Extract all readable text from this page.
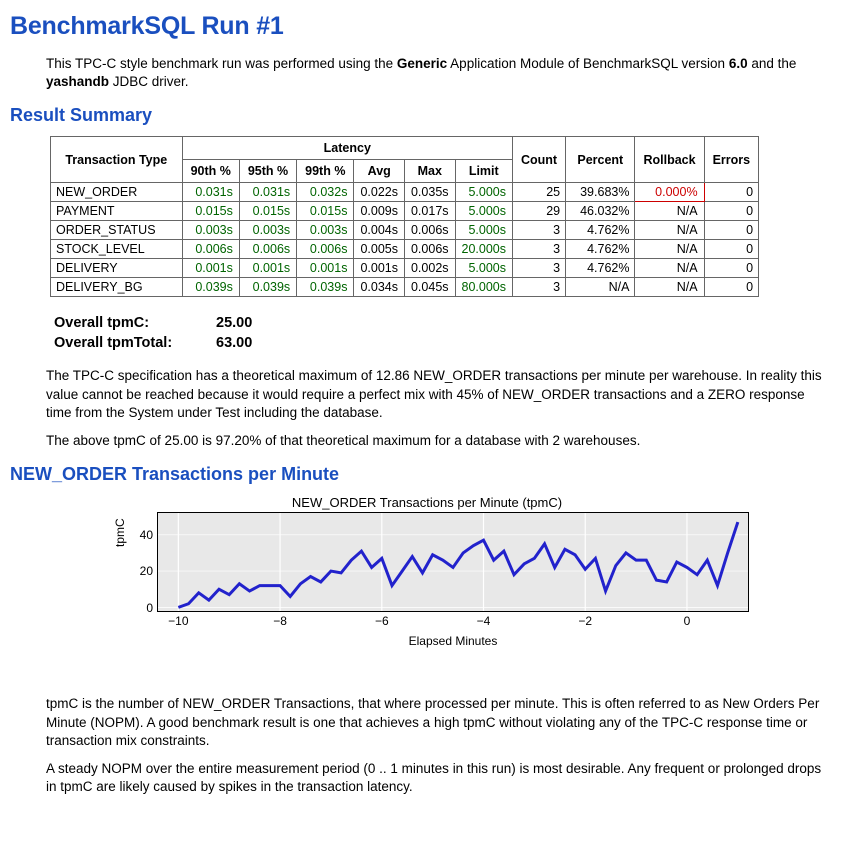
BenchmarkSQL Run #1

This TPC-C style benchmark run was performed using the Generic Application Module of BenchmarkSQL version 6.0 and the yashandb JDBC driver.

Result Summary
Transaction Type	Latency						Count	Percent	Rollback	Errors
	90th %	95th %	99th %	Avg	Max	Limit				
NEW_ORDER	0.031s	0.031s	0.032s	0.022s	0.035s	5.000s	25	39.683%	0.000%	0
PAYMENT	0.015s	0.015s	0.015s	0.009s	0.017s	5.000s	29	46.032%	N/A	0
ORDER_STATUS	0.003s	0.003s	0.003s	0.004s	0.006s	5.000s	3	4.762%	N/A	0
STOCK_LEVEL	0.006s	0.006s	0.006s	0.005s	0.006s	20.000s	3	4.762%	N/A	0
DELIVERY	0.001s	0.001s	0.001s	0.001s	0.002s	5.000s	3	4.762%	N/A	0
DELIVERY_BG	0.039s	0.039s	0.039s	0.034s	0.045s	80.000s	3	N/A	N/A	0
Overall tpmC:	25.00
Overall tpmTotal:	63.00

The TPC-C specification has a theoretical maximum of 12.86 NEW_ORDER transactions per minute per warehouse. In reality this value cannot be reached because it would require a perfect mix with 45% of NEW_ORDER transactions and a ZERO response time from the System under Test including the database.

The above tpmC of 25.00 is 97.20% of that theoretical maximum for a database with 2 warehouses.

NEW_ORDER Transactions per Minute
NEW_ORDER Transactions per Minute (tpmC)
tpmC
0
20
40
−10	−8	−6	−4	−2	0
Elapsed Minutes

tpmC is the number of NEW_ORDER Transactions, that where processed per minute. This is often referred to as New Orders Per Minute (NOPM). A good benchmark result is one that achieves a high tpmC without violating any of the TPC-C response time or transaction mix constraints.

A steady NOPM over the entire measurement period (0 .. 1 minutes in this run) is most desirable. Any frequent or prolonged drops in tpmC are likely caused by spikes in the transaction latency.
